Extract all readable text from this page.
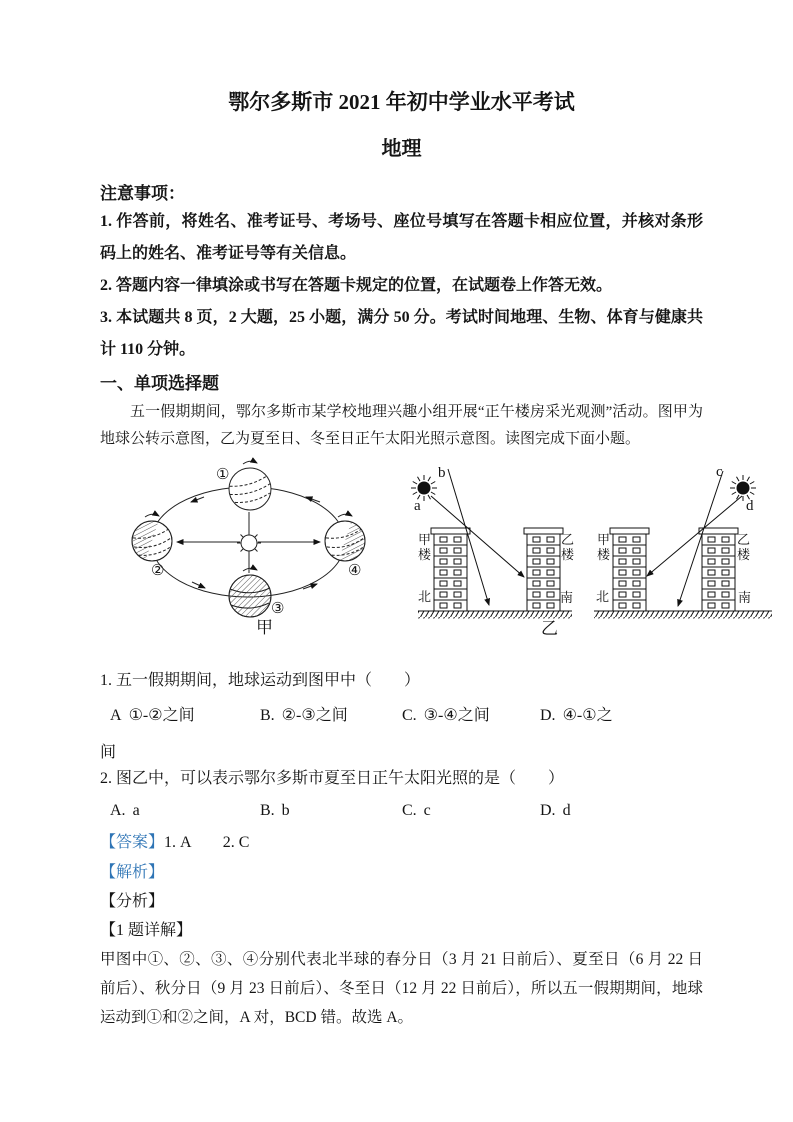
鄂尔多斯市 2021 年初中学业水平考试
地理
注意事项：

1. 作答前，将姓名、准考证号、考场号、座位号填写在答题卡相应位置，并核对条形码上的姓名、准考证号等有关信息。

2. 答题内容一律填涂或书写在答题卡规定的位置，在试题卷上作答无效。

3. 本试题共 8 页，2 大题，25 小题，满分 50 分。考试时间地理、生物、体育与健康共计 110 分钟。

一、单项选择题

五一假期期间，鄂尔多斯市某学校地理兴趣小组开展“正午楼房采光观测”活动。图甲为地球公转示意图，乙为夏至日、冬至日正午太阳光照示意图。读图完成下面小题。

①
②
③
④
甲
b
a
甲楼
乙楼
北	南
乙
c
d
甲楼
乙楼
北	南

1. 五一假期期间，地球运动到图甲中（　　）

A ①-②之间	B. ②-③之间	C. ③-④之间	D. ④-①之

间

2. 图乙中，可以表示鄂尔多斯市夏至日正午太阳光照的是（　　）

A. a	B. b	C. c	D. d

【答案】1. A　　2. C

【解析】

【分析】

【1 题详解】

甲图中①、②、③、④分别代表北半球的春分日（3 月 21 日前后）、夏至日（6 月 22 日前后）、秋分日（9 月 23 日前后）、冬至日（12 月 22 日前后），所以五一假期期间，地球运动到①和②之间，A 对，BCD 错。故选 A。
